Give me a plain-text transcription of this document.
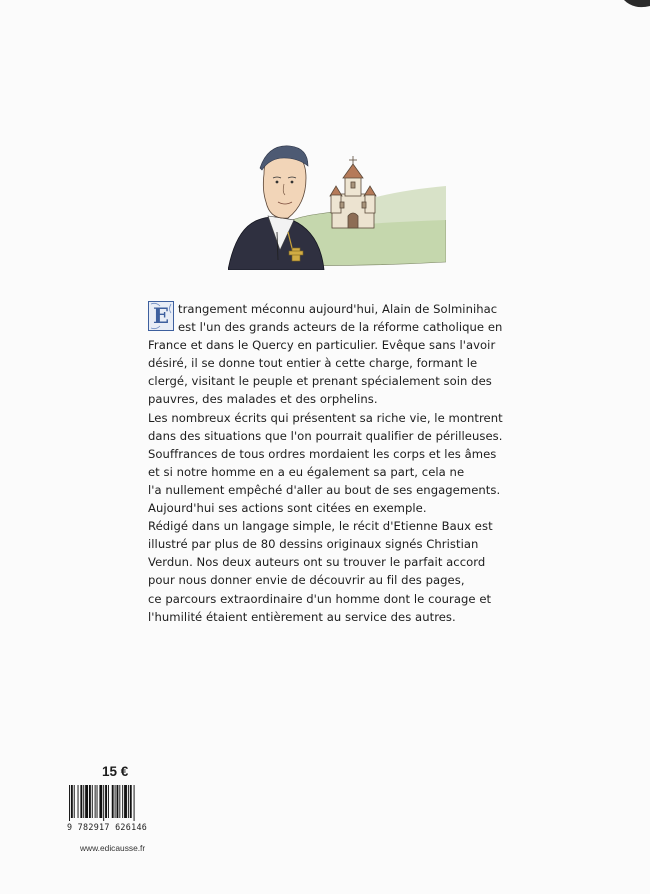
E trangement méconnu aujourd'hui, Alain de Solminihac
est l'un des grands acteurs de la réforme catholique en
France et dans le Quercy en particulier. Evêque sans l'avoir
désiré, il se donne tout entier à cette charge, formant le
clergé, visitant le peuple et prenant spécialement soin des
pauvres, des malades et des orphelins.
Les nombreux écrits qui présentent sa riche vie, le montrent
dans des situations que l'on pourrait qualifier de périlleuses.
Souffrances de tous ordres mordaient les corps et les âmes
et si notre homme en a eu également sa part, cela ne
l'a nullement empêché d'aller au bout de ses engagements.
Aujourd'hui ses actions sont citées en exemple.
Rédigé dans un langage simple, le récit d'Etienne Baux est
illustré par plus de 80 dessins originaux signés Christian
Verdun. Nos deux auteurs ont su trouver le parfait accord
pour nous donner envie de découvrir au fil des pages,
ce parcours extraordinaire d'un homme dont le courage et
l'humilité étaient entièrement au service des autres.
15 €
9 782917 626146
www.edicausse.fr
